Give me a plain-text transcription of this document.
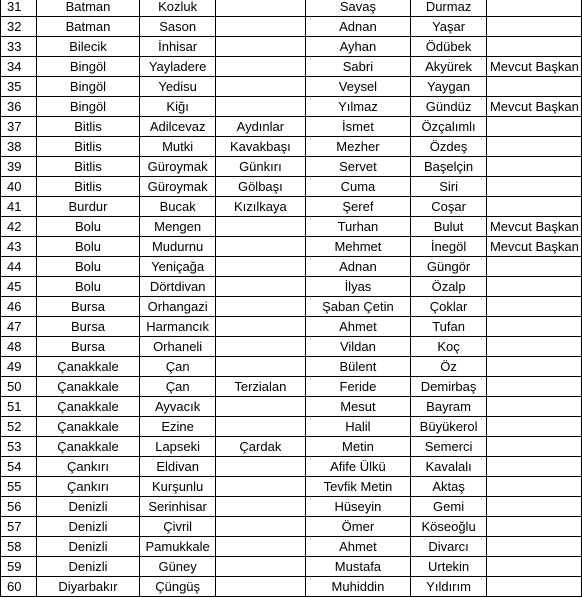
31	Batman	Kozluk		Savaş	Durmaz	
32	Batman	Sason		Adnan	Yaşar	
33	Bilecik	İnhisar		Ayhan	Ödübek	
34	Bingöl	Yayladere		Sabri	Akyürek	Mevcut Başkan
35	Bingöl	Yedisu		Veysel	Yaygan	
36	Bingöl	Kiğı		Yılmaz	Gündüz	Mevcut Başkan
37	Bitlis	Adilcevaz	Aydınlar	İsmet	Özçalımlı	
38	Bitlis	Mutki	Kavakbaşı	Mezher	Özdeş	
39	Bitlis	Güroymak	Günkırı	Servet	Başelçin	
40	Bitlis	Güroymak	Gölbaşı	Cuma	Siri	
41	Burdur	Bucak	Kızılkaya	Şeref	Coşar	
42	Bolu	Mengen		Turhan	Bulut	Mevcut Başkan
43	Bolu	Mudurnu		Mehmet	İnegöl	Mevcut Başkan
44	Bolu	Yeniçağa		Adnan	Güngör	
45	Bolu	Dörtdivan		İlyas	Özalp	
46	Bursa	Orhangazi		Şaban Çetin	Çoklar	
47	Bursa	Harmancık		Ahmet	Tufan	
48	Bursa	Orhaneli		Vildan	Koç	
49	Çanakkale	Çan		Bülent	Öz	
50	Çanakkale	Çan	Terzialan	Feride	Demirbaş	
51	Çanakkale	Ayvacık		Mesut	Bayram	
52	Çanakkale	Ezine		Halil	Büyükerol	
53	Çanakkale	Lapseki	Çardak	Metin	Semerci	
54	Çankırı	Eldivan		Afife Ülkü	Kavalalı	
55	Çankırı	Kurşunlu		Tevfik Metin	Aktaş	
56	Denizli	Serinhisar		Hüseyin	Gemi	
57	Denizli	Çivril		Ömer	Köseoğlu	
58	Denizli	Pamukkale		Ahmet	Divarcı	
59	Denizli	Güney		Mustafa	Urtekin	
60	Diyarbakır	Çüngüş		Muhiddin	Yıldırım	
